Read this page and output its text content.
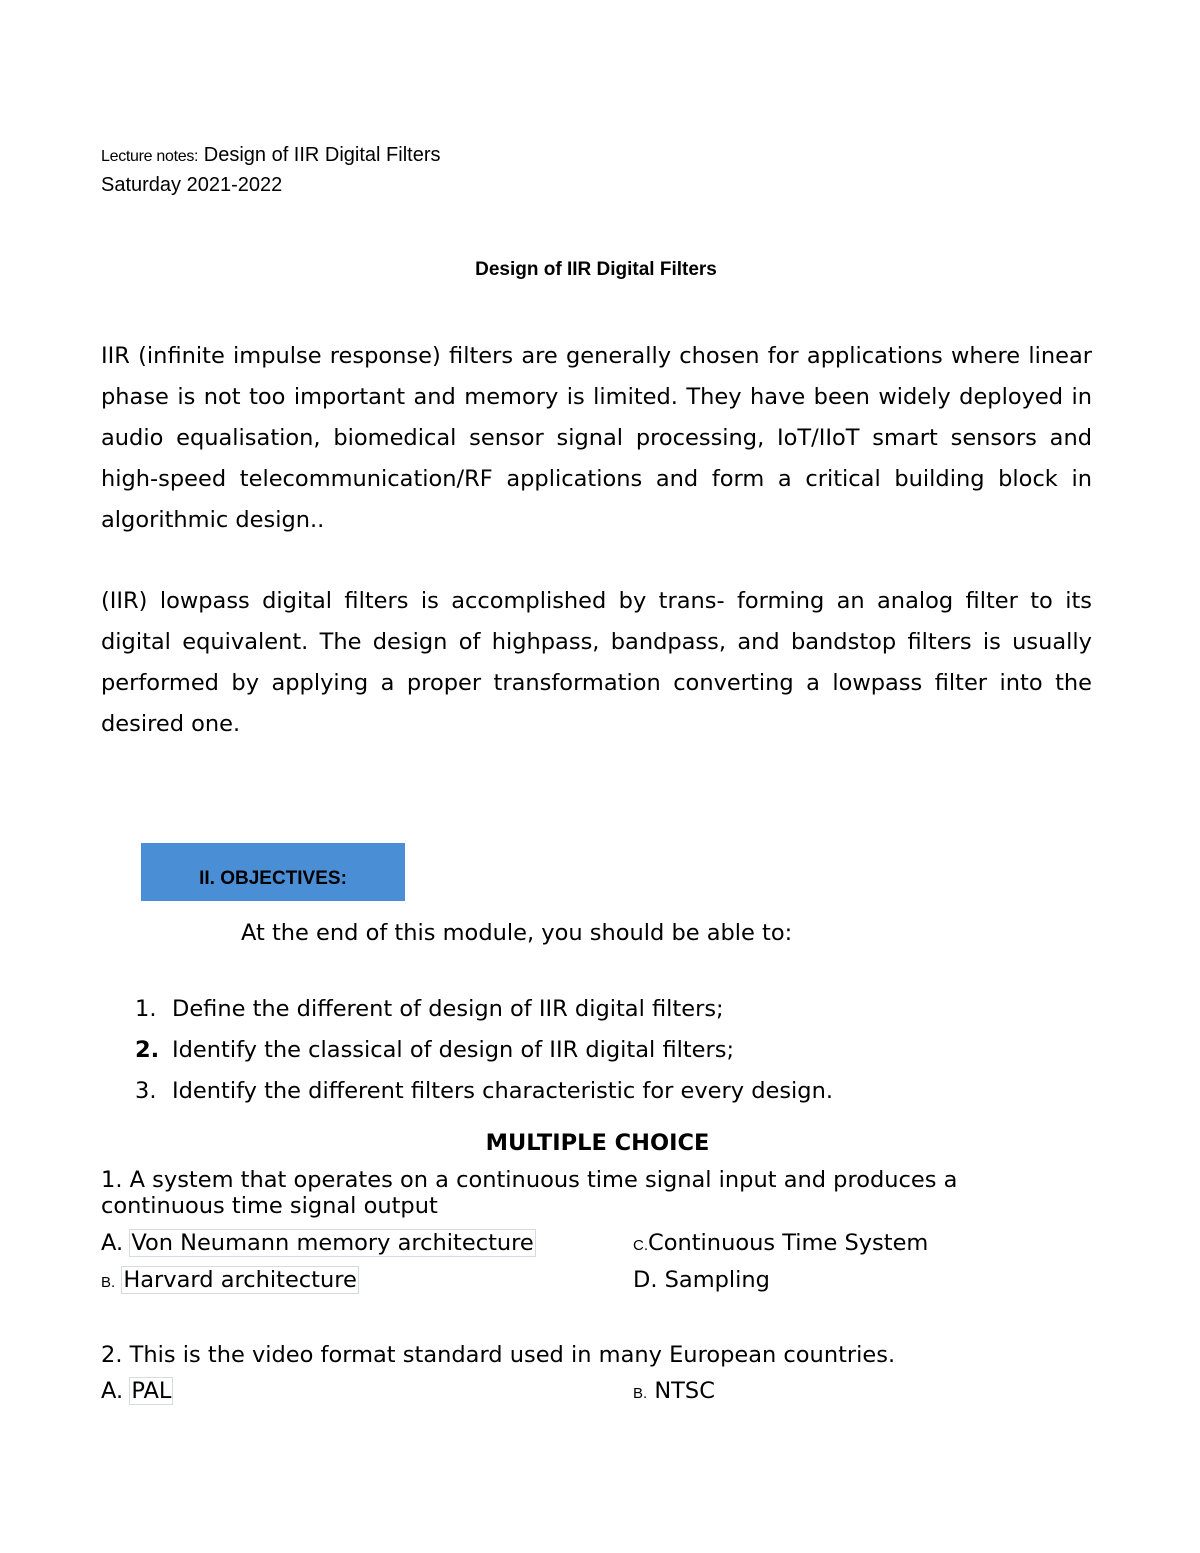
Lecture notes: Design of IIR Digital Filters
Saturday 2021-2022
Design of IIR Digital Filters
IIR (infinite impulse response) filters are generally chosen for applications where linear phase is not too important and memory is limited. They have been widely deployed in audio equalisation, biomedical sensor signal processing, IoT/IIoT smart sensors and high-speed telecommunication/RF applications and form a critical building block in algorithmic design..
(IIR) lowpass digital filters is accomplished by trans- forming an analog filter to its digital equivalent. The design of highpass, bandpass, and bandstop filters is usually performed by applying a proper transformation converting a lowpass filter into the desired one.
II. OBJECTIVES:
At the end of this module, you should be able to:
1. Define the different of design of IIR digital filters;
2. Identify the classical of design of IIR digital filters;
3. Identify the different filters characteristic for every design.
MULTIPLE CHOICE
1. A system that operates on a continuous time signal input and produces a continuous time signal output
A. Von Neumann memory architecture
B. Harvard architecture
C.Continuous Time System
D. Sampling
2. This is the video format standard used in many European countries.
A. PAL	B. NTSC
